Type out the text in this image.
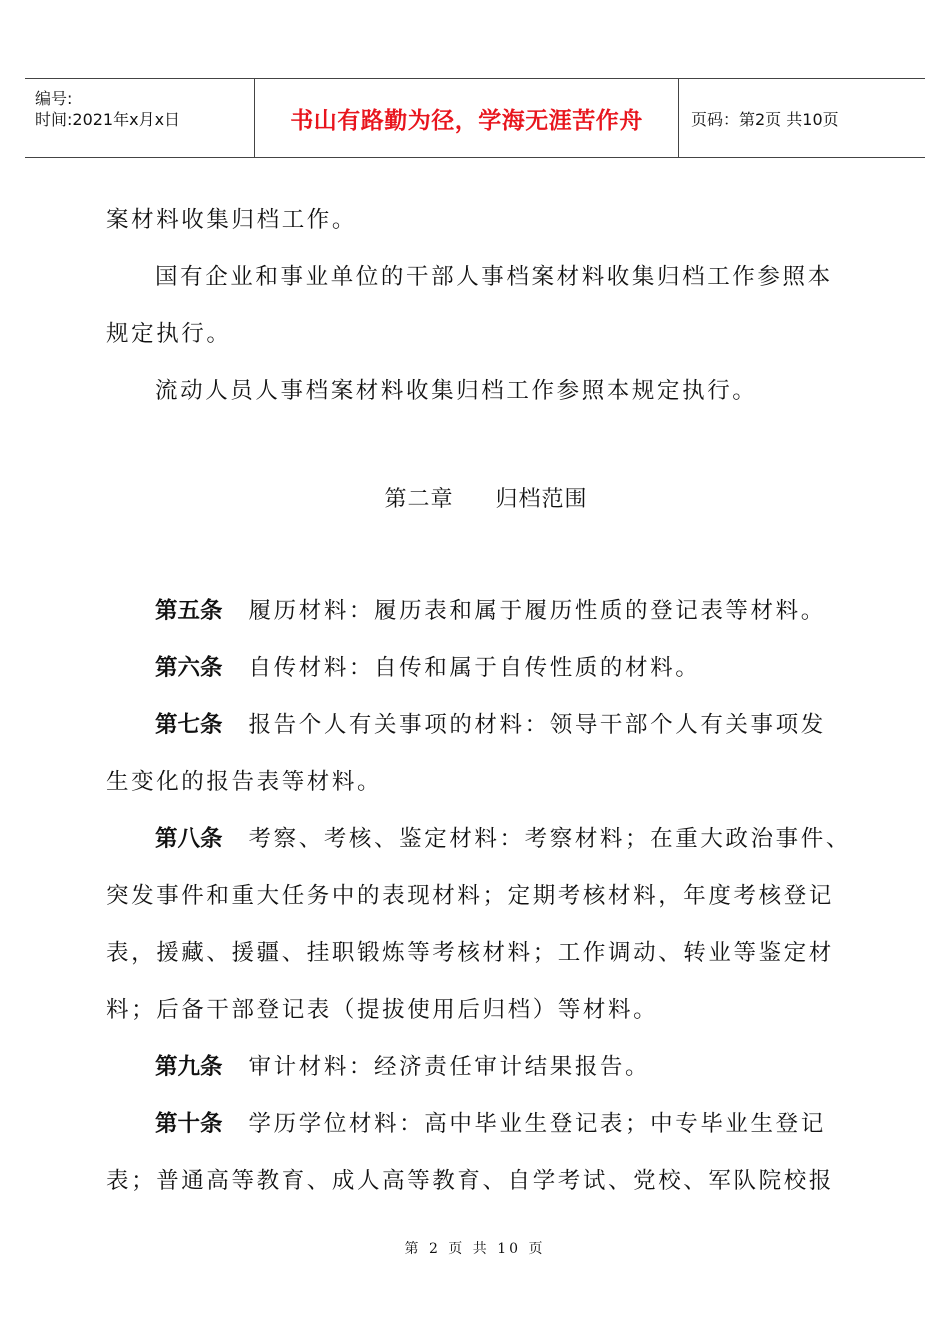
编号:
时间:2021年x月x日	书山有路勤为径，学海无涯苦作舟	页码：第2页 共10页

案材料收集归档工作。

国有企业和事业单位的干部人事档案材料收集归档工作参照本

规定执行。

流动人员人事档案材料收集归档工作参照本规定执行。

第二章 归档范围

第五条 履历材料：履历表和属于履历性质的登记表等材料。

第六条 自传材料：自传和属于自传性质的材料。

第七条 报告个人有关事项的材料：领导干部个人有关事项发

生变化的报告表等材料。

第八条 考察、考核、鉴定材料：考察材料；在重大政治事件、

突发事件和重大任务中的表现材料；定期考核材料，年度考核登记

表，援藏、援疆、挂职锻炼等考核材料；工作调动、转业等鉴定材

料；后备干部登记表（提拔使用后归档）等材料。

第九条 审计材料：经济责任审计结果报告。

第十条 学历学位材料：高中毕业生登记表；中专毕业生登记

表；普通高等教育、成人高等教育、自学考试、党校、军队院校报

第 2 页 共 10 页
